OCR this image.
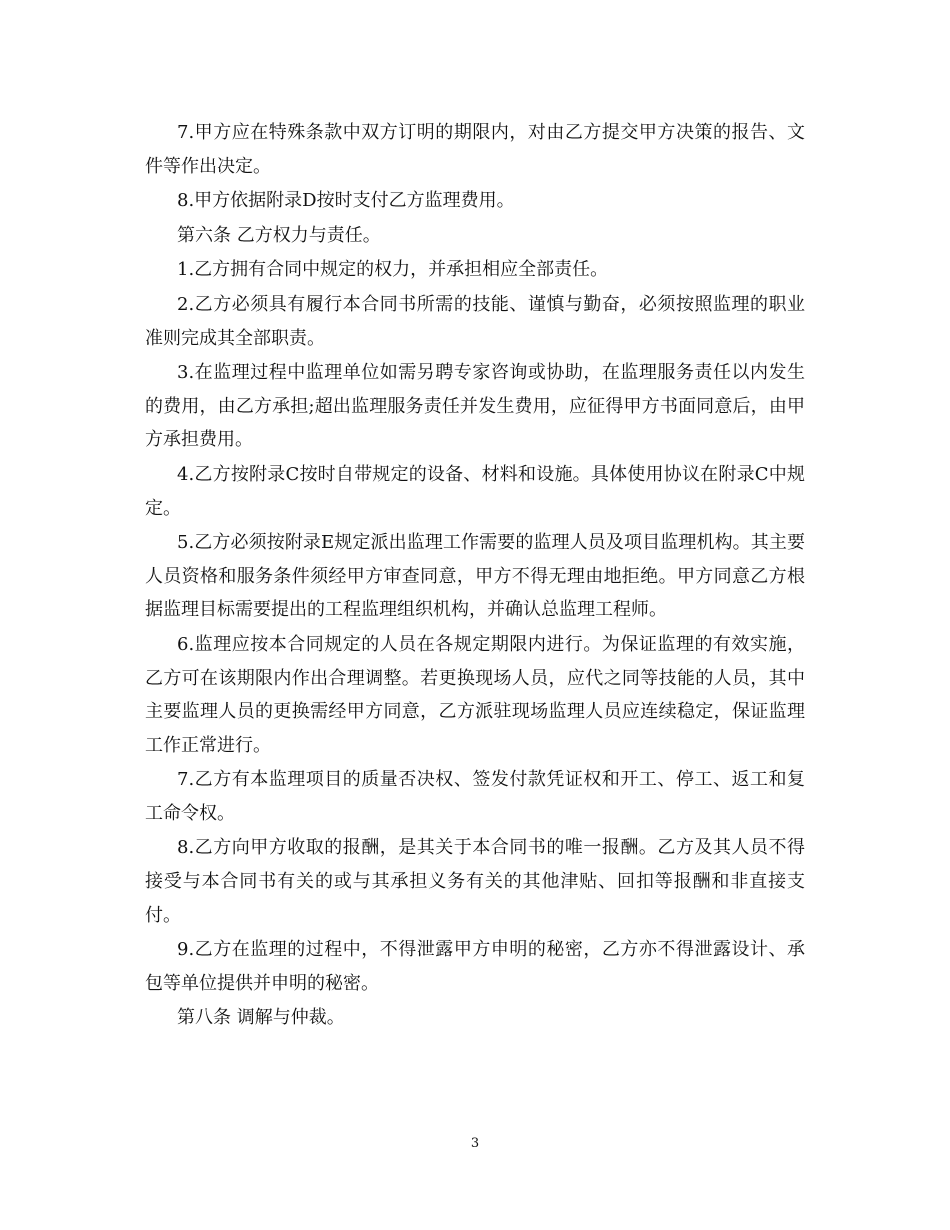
7.甲方应在特殊条款中双方订明的期限内，对由乙方提交甲方决策的报告、文件等作出决定。

8.甲方依据附录D按时支付乙方监理费用。

第六条 乙方权力与责任。

1.乙方拥有合同中规定的权力，并承担相应全部责任。

2.乙方必须具有履行本合同书所需的技能、谨慎与勤奋，必须按照监理的职业准则完成其全部职责。

3.在监理过程中监理单位如需另聘专家咨询或协助，在监理服务责任以内发生的费用，由乙方承担;超出监理服务责任并发生费用，应征得甲方书面同意后，由甲方承担费用。

4.乙方按附录C按时自带规定的设备、材料和设施。具体使用协议在附录C中规定。

5.乙方必须按附录E规定派出监理工作需要的监理人员及项目监理机构。其主要人员资格和服务条件须经甲方审查同意，甲方不得无理由地拒绝。甲方同意乙方根据监理目标需要提出的工程监理组织机构，并确认总监理工程师。

6.监理应按本合同规定的人员在各规定期限内进行。为保证监理的有效实施，乙方可在该期限内作出合理调整。若更换现场人员，应代之同等技能的人员，其中主要监理人员的更换需经甲方同意，乙方派驻现场监理人员应连续稳定，保证监理工作正常进行。

7.乙方有本监理项目的质量否决权、签发付款凭证权和开工、停工、返工和复工命令权。

8.乙方向甲方收取的报酬，是其关于本合同书的唯一报酬。乙方及其人员不得接受与本合同书有关的或与其承担义务有关的其他津贴、回扣等报酬和非直接支付。

9.乙方在监理的过程中，不得泄露甲方申明的秘密，乙方亦不得泄露设计、承包等单位提供并申明的秘密。

第八条 调解与仲裁。

3
